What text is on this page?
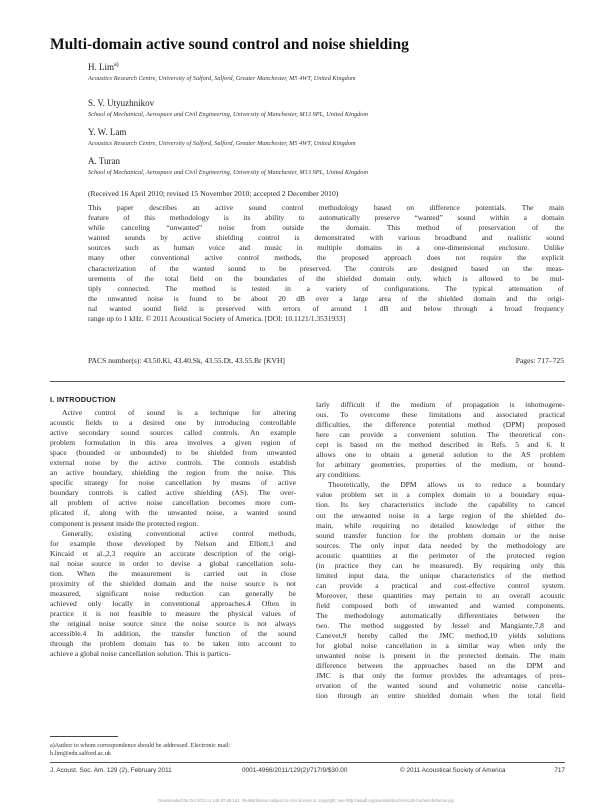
Multi-domain active sound control and noise shielding
H. Lim$^{a)}$
Acoustics Research Centre, University of Salford, Salford, Greater Manchester, M5 4WT, United Kingdom
S. V. Utyuzhnikov
School of Mechanical, Aerospace and Civil Engineering, University of Manchester, M13 9PL, United Kingdom
Y. W. Lam
Acoustics Research Centre, University of Salford, Salford, Greater Manchester, M5 4WT, United Kingdom
A. Turan
School of Mechanical, Aerospace and Civil Engineering, University of Manchester, M13 9PL, United Kingdom
(Received 16 April 2010; revised 15 November 2010; accepted 2 December 2010)
This paper describes an active sound control methodology based on difference potentials. The main
feature of this methodology is its ability to automatically preserve “wanted” sound within a domain
while canceling “unwanted” noise from outside the domain. This method of preservation of the
wanted sounds by active shielding control is demonstrated with various broadband and realistic sound
sources such as human voice and music in multiple domains in a one-dimensional enclosure. Unlike
many other conventional active control methods, the proposed approach does not require the explicit
characterization of the wanted sound to be preserved. The controls are designed based on the meas-
urements of the total field on the boundaries of the shielded domain only, which is allowed to be mul-
tiply connected. The method is tested in a variety of configurations. The typical attenuation of
the unwanted noise is found to be about 20 dB over a large area of the shielded domain and the origi-
nal wanted sound field is preserved with errors of around 1 dB and below through a broad frequency
range up to 1 kHz. © 2011 Acoustical Society of America. [DOI: 10.1121/1.3531933]
PACS number(s): 43.50.Ki, 43.40.Sk, 43.55.Dt, 43.55.Br [KVH]	Pages: 717–725
I. INTRODUCTION
Active control of sound is a technique for altering
acoustic fields to a desired one by introducing controllable
active secondary sound sources called controls. An example
problem formulation in this area involves a given region of
space (bounded or unbounded) to be shielded from unwanted
external noise by the active controls. The controls establish
an active boundary, shielding the region from the noise. This
specific strategy for noise cancellation by means of active
boundary controls is called active shielding (AS). The over-
all problem of active noise cancellation becomes more com-
plicated if, along with the unwanted noise, a wanted sound
component is present inside the protected region.
Generally, existing conventional active control methods,
for example those developed by Nelson and Elliott,1 and
Kincaid et al.,2,3 require an accurate description of the origi-
nal noise source in order to devise a global cancellation solu-
tion. When the measurement is carried out in close
proximity of the shielded domain and the noise source is not
measured, significant noise reduction can generally be
achieved only locally in conventional approaches.4 Often in
practice it is not feasible to measure the physical values of
the original noise source since the noise source is not always
accessible.4 In addition, the transfer function of the sound
through the problem domain has to be taken into account to
achieve a global noise cancellation solution. This is particu-
larly difficult if the medium of propagation is inhomogene-
ous. To overcome these limitations and associated practical
difficulties, the difference potential method (DPM) proposed
here can provide a convenient solution. The theoretical con-
cept is based on the method described in Refs. 5 and 6. It
allows one to obtain a general solution to the AS problem
for arbitrary geometries, properties of the medium, or bound-
ary conditions.
Theoretically, the DPM allows us to reduce a boundary
value problem set in a complex domain to a boundary equa-
tion. Its key characteristics include the capability to cancel
out the unwanted noise in a large region of the shielded do-
main, while requiring no detailed knowledge of either the
sound transfer function for the problem domain or the noise
sources. The only input data needed by the methodology are
acoustic quantities at the perimeter of the protected region
(in practice they can be measured). By requiring only this
limited input data, the unique characteristics of the method
can provide a practical and cost-effective control system.
Moreover, these quantities may pertain to an overall acoustic
field composed both of unwanted and wanted components.
The methodology automatically differentiates between the
two. The method suggested by Jessel and Mangiante,7,8 and
Canevet,9 hereby called the JMC method,10 yields solutions
for global noise cancellation in a similar way when only the
unwanted noise is present in the protected domain. The main
difference between the approaches based on the DPM and
JMC is that only the former provides the advantages of pres-
ervation of the wanted sound and volumetric noise cancella-
tion through an entire shielded domain when the total field
a)Author to whom correspondence should be addressed. Electronic mail:
h.lim@edu.salford.ac.uk
J. Acoust. Soc. Am. 129 (2), February 2011	0001-4966/2011/129(2)/717/9/$30.00	© 2011 Acoustical Society of America	717
Downloaded 06 Oct 2011 to 146.87.65.141. Redistribution subject to ASA license or copyright; see http://asadl.org/journals/doc/ASALIB-home/info/terms.jsp
